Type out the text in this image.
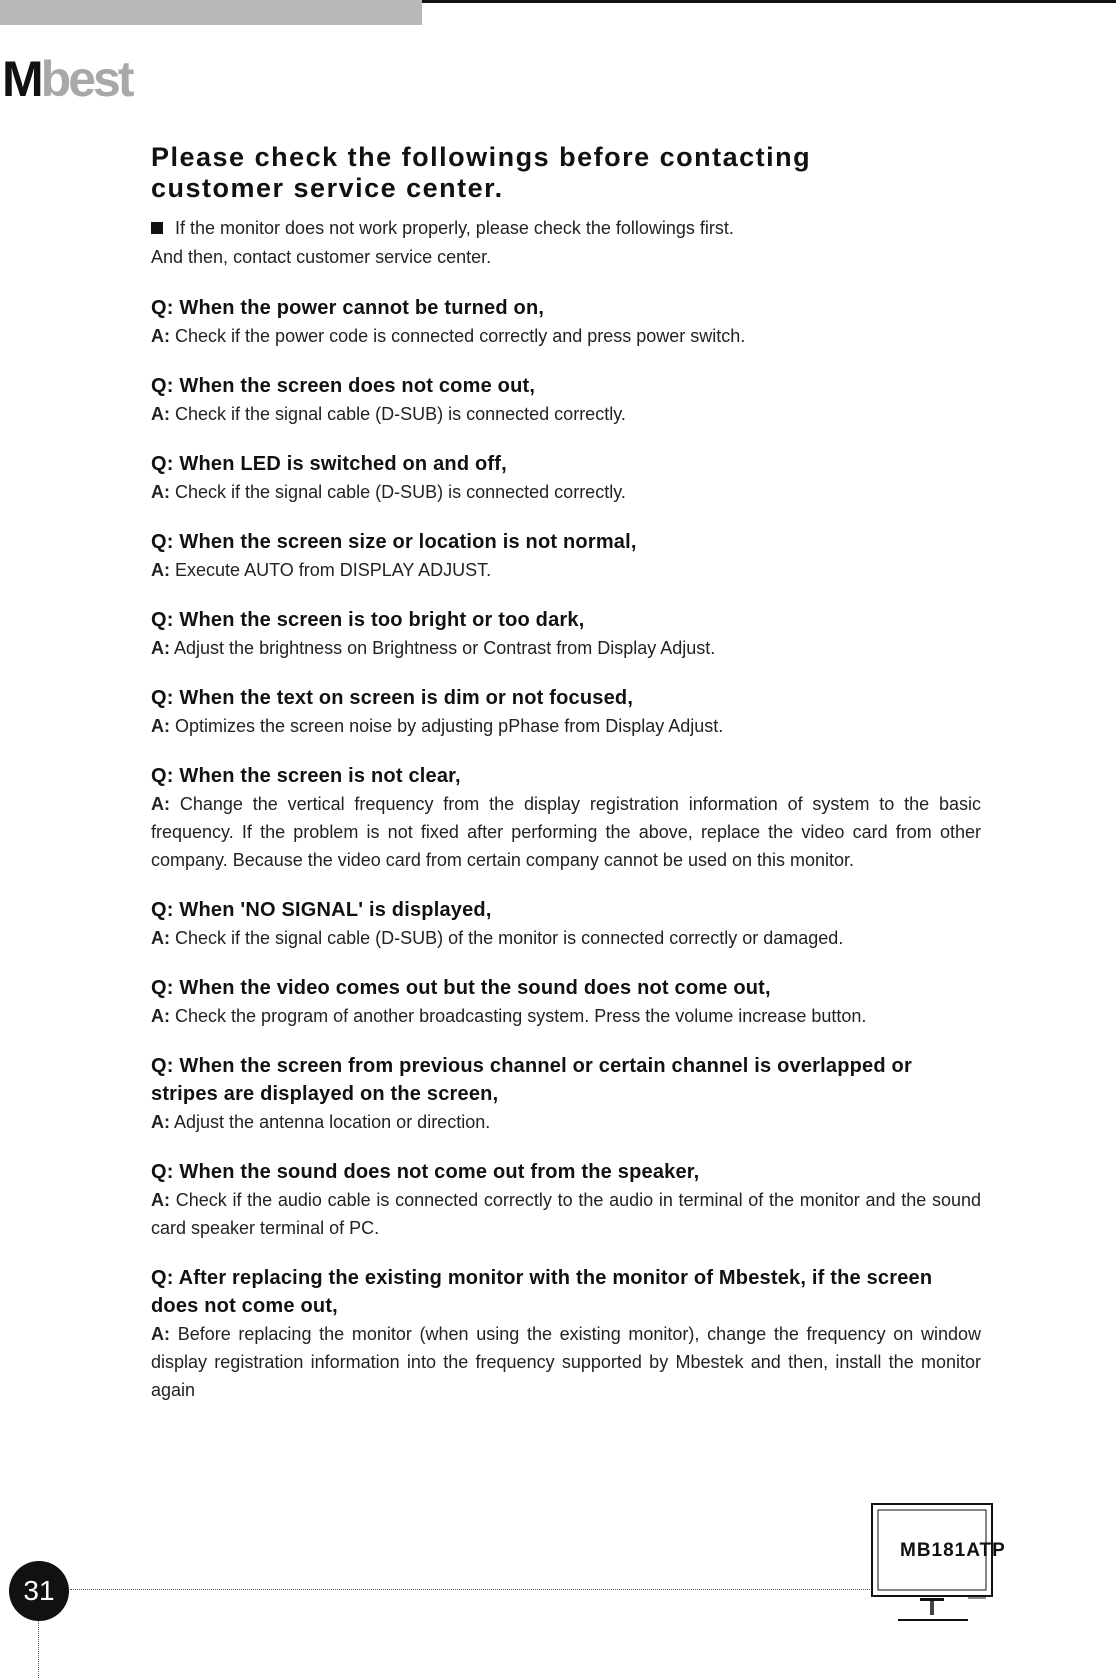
Mbest
Please check the followings before contacting
customer service center.
If the monitor does not work properly, please check the followings first.
And then, contact customer service center.
Q: When the power cannot be turned on,
A: Check if the power code is connected correctly and press power switch.
Q: When the screen does not come out,
A: Check if the signal cable (D-SUB) is connected correctly.
Q: When LED is switched on and off,
A: Check if the signal cable (D-SUB) is connected correctly.
Q: When the screen size or location is not normal,
A: Execute AUTO from DISPLAY ADJUST.
Q: When the screen is too bright or too dark,
A: Adjust the brightness on Brightness or Contrast from Display Adjust.
Q: When the text on screen is dim or not focused,
A: Optimizes the screen noise by adjusting pPhase from Display Adjust.
Q: When the screen is not clear,
A: Change the vertical frequency from the display registration information of system to the basic frequency. If the problem is not fixed after performing the above, replace the video card from other company. Because the video card from certain company cannot be used on this monitor.
Q: When 'NO SIGNAL' is displayed,
A: Check if the signal cable (D-SUB) of the monitor is connected correctly or damaged.
Q: When the video comes out but the sound does not come out,
A: Check the program of another broadcasting system. Press the volume increase button.
Q: When the screen from previous channel or certain channel is overlapped or stripes are displayed on the screen,
A: Adjust the antenna location or direction.
Q: When the sound does not come out from the speaker,
A: Check if the audio cable is connected correctly to the audio in terminal of the monitor and the sound card speaker terminal of PC.
Q: After replacing the existing monitor with the monitor of Mbestek, if the screen does not come out,
A: Before replacing the monitor (when using the existing monitor), change the frequency on window display registration information into the frequency supported by Mbestek and then, install the monitor again
31
MB181ATP
